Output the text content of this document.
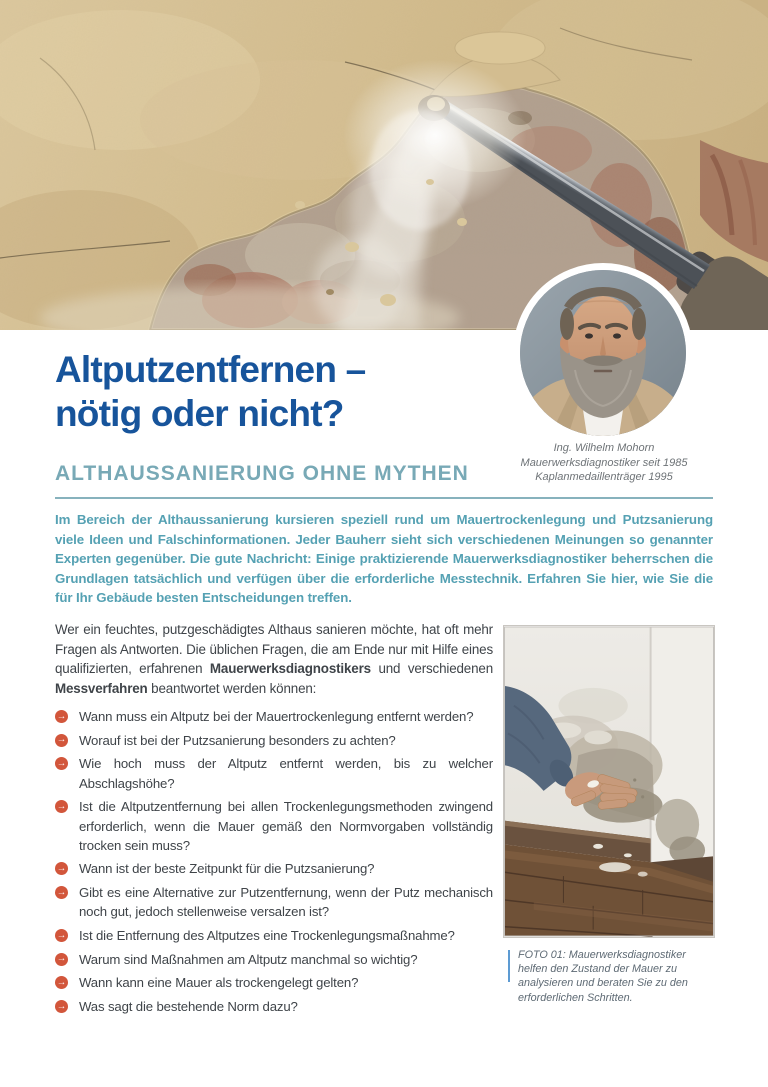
Ing. Wilhelm Mohorn
Mauerwerksdiagnostiker seit 1985
Kaplanmedaillenträger 1995
Altputzentfernen –
nötig oder nicht?
ALTHAUSSANIERUNG OHNE MYTHEN
Im Bereich der Althaussanierung kursieren speziell rund um Mauertrockenlegung und Putzsanierung viele Ideen und Falschinformationen. Jeder Bauherr sieht sich verschiedenen Meinungen so genannter Experten gegenüber. Die gute Nachricht: Einige praktizierende Mauerwerksdiagnostiker beherrschen die Grundlagen tatsächlich und verfügen über die erforderliche Messtechnik. Erfahren Sie hier, wie Sie die für Ihr Gebäude besten Entscheidungen treffen.

Wer ein feuchtes, putzgeschädigtes Althaus sanieren möchte, hat oft mehr Fragen als Antworten. Die üblichen Fragen, die am Ende nur mit Hilfe eines qualifizierten, erfahrenen Mauerwerksdiagnostikers und verschiedenen Messverfahren beantwortet werden können:

→ Wann muss ein Altputz bei der Mauertrockenlegung entfernt werden?
→ Worauf ist bei der Putzsanierung besonders zu achten?
→ Wie hoch muss der Altputz entfernt werden, bis zu welcher Abschlagshöhe?
→ Ist die Altputzentfernung bei allen Trockenlegungsmethoden zwingend erforderlich, wenn die Mauer gemäß den Normvorgaben vollständig trocken sein muss?
→ Wann ist der beste Zeitpunkt für die Putzsanierung?
→ Gibt es eine Alternative zur Putzentfernung, wenn der Putz mechanisch noch gut, jedoch stellenweise versalzen ist?
→ Ist die Entfernung des Altputzes eine Trockenlegungsmaßnahme?
→ Warum sind Maßnahmen am Altputz manchmal so wichtig?
→ Wann kann eine Mauer als trockengelegt gelten?
→ Was sagt die bestehende Norm dazu?
FOTO 01: Mauerwerksdiagnostiker helfen den Zustand der Mauer zu analysieren und beraten Sie zu den erforderlichen Schritten.
